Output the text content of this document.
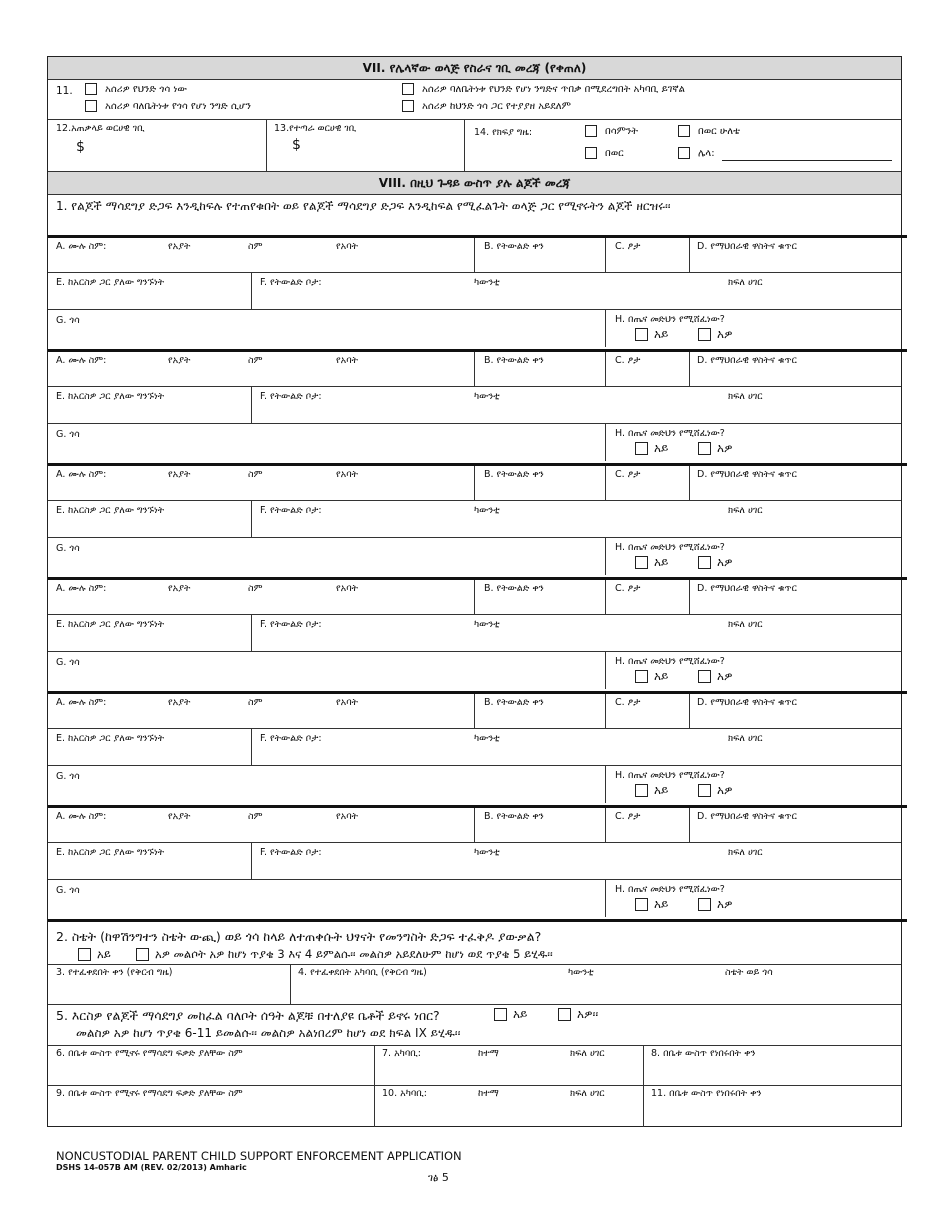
VII. የሌላኛው ወላጅ የስራና ገቢ መረጃ (የቀጠለ)
11.	አሰሪዎ የህንድ ጎሳ ነው
አሰሪዎ ባለቤትነቱ የጎሳ የሆነ ንግድ ሲሆን
አሰሪዎ ባለቤትነቱ የህንድ የሆነ ንግድና ጥበቃ በሚደረግበት አካባቢ ይገኛል
አሰሪዎ ከህንድ ጎሳ ጋር የተያያዘ አይደለም
12.አጠቃላይ ወርሀዊ ገቢ
$
13.የተጣራ ወርሀዊ ገቢ
$
14. የክፍያ ግዜ:	በሳምንት	በወር ሁለቴ
በወር	ሌላ:
VIII. በዚህ ጉዳይ ውስጥ ያሉ ልጆች መረጃ
1. የልጆች ማሳደግያ ድጋፍ እንዲከፍሉ የተጠየቁበት ወይ የልጆች ማሳደግያ ድጋፍ እንዲከፍል የሚፈልጉት ወላጅ ጋር የሚኖሩትን ልጆች ዘርዝሩ፡፡
A. ሙሉ ስም:	የአያት	ስም	የአባት	B. የትውልድ ቀን	C. ፆታ	D. የማህበራዊ ዋስትና ቁጥር
E. ከአርስዎ ጋር ያለው ግንኙነት	F. የትውልድ ቦታ:	ካውንቲ	ክፍለ ሀገር
G. ጎሳ	H. በጤና መድህን የሚሸፈነው?
አይ	አዎ
A. ሙሉ ስም:	የአያት	ስም	የአባት	B. የትውልድ ቀን	C. ፆታ	D. የማህበራዊ ዋስትና ቁጥር
E. ከአርስዎ ጋር ያለው ግንኙነት	F. የትውልድ ቦታ:	ካውንቲ	ክፍለ ሀገር
G. ጎሳ	H. በጤና መድህን የሚሸፈነው?
አይ	አዎ
A. ሙሉ ስም:	የአያት	ስም	የአባት	B. የትውልድ ቀን	C. ፆታ	D. የማህበራዊ ዋስትና ቁጥር
E. ከአርስዎ ጋር ያለው ግንኙነት	F. የትውልድ ቦታ:	ካውንቲ	ክፍለ ሀገር
G. ጎሳ	H. በጤና መድህን የሚሸፈነው?
አይ	አዎ
A. ሙሉ ስም:	የአያት	ስም	የአባት	B. የትውልድ ቀን	C. ፆታ	D. የማህበራዊ ዋስትና ቁጥር
E. ከአርስዎ ጋር ያለው ግንኙነት	F. የትውልድ ቦታ:	ካውንቲ	ክፍለ ሀገር
G. ጎሳ	H. በጤና መድህን የሚሸፈነው?
አይ	አዎ
A. ሙሉ ስም:	የአያት	ስም	የአባት	B. የትውልድ ቀን	C. ፆታ	D. የማህበራዊ ዋስትና ቁጥር
E. ከአርስዎ ጋር ያለው ግንኙነት	F. የትውልድ ቦታ:	ካውንቲ	ክፍለ ሀገር
G. ጎሳ	H. በጤና መድህን የሚሸፈነው?
አይ	አዎ
A. ሙሉ ስም:	የአያት	ስም	የአባት	B. የትውልድ ቀን	C. ፆታ	D. የማህበራዊ ዋስትና ቁጥር
E. ከአርስዎ ጋር ያለው ግንኙነት	F. የትውልድ ቦታ:	ካውንቲ	ክፍለ ሀገር
G. ጎሳ	H. በጤና መድህን የሚሸፈነው?
አይ	አዎ
2. ስቴት (ከዋሽንግተን ስቴት ውጪ) ወይ ጎሳ ከላይ ለተጠቀሱት ህፃናት የመንግስት ድጋፍ ተፈቅዶ ያውቃል?
አይ	አዎ መልሶት አዎ ከሆነ ጥያቄ 3 እና 4 ይምልሱ፡፡ መልስዎ አይደለሁም ከሆነ ወደ ጥያቄ 5 ይሂዱ፡፡
3. የተፈቀደበት ቀን (የቅርብ ግዜ)	4. የተፈቀደበት አካባቢ (የቅርብ ግዜ)	ካውንቲ	ስቴት ወይ ጎሳ
5. እርስዎ የልጆች ማሳደግያ መከፈል ባለቦት ሰዓት ልጆቹ በተለያዩ ቤቶች ይኖሩ ነበር?	አይ	አዎ፡፡
መልስዎ አዎ ከሆነ ጥያቄ 6-11 ይመልሱ፡፡ መልስዎ አልነበረም ከሆነ ወደ ክፍል IX ይሂዱ፡፡
6. በቤቱ ውስጥ የሚኖሩ የማሳደግ ፍቃድ ያለቸው ስም	7. አካባቢ:	ከተማ	ክፍለ ሀገር	8. በቤቱ ውስጥ የነበሩበት ቀን
9. በቤቱ ውስጥ የሚኖሩ የማሳደግ ፍቃድ ያለቸው ስም	10. አካባቢ:	ከተማ	ክፍለ ሀገር	11. በቤቱ ውስጥ የነበሩበት ቀን
NONCUSTODIAL PARENT CHILD SUPPORT ENFORCEMENT APPLICATION
DSHS 14-057B AM (REV. 02/2013) Amharic
ገፅ 5
